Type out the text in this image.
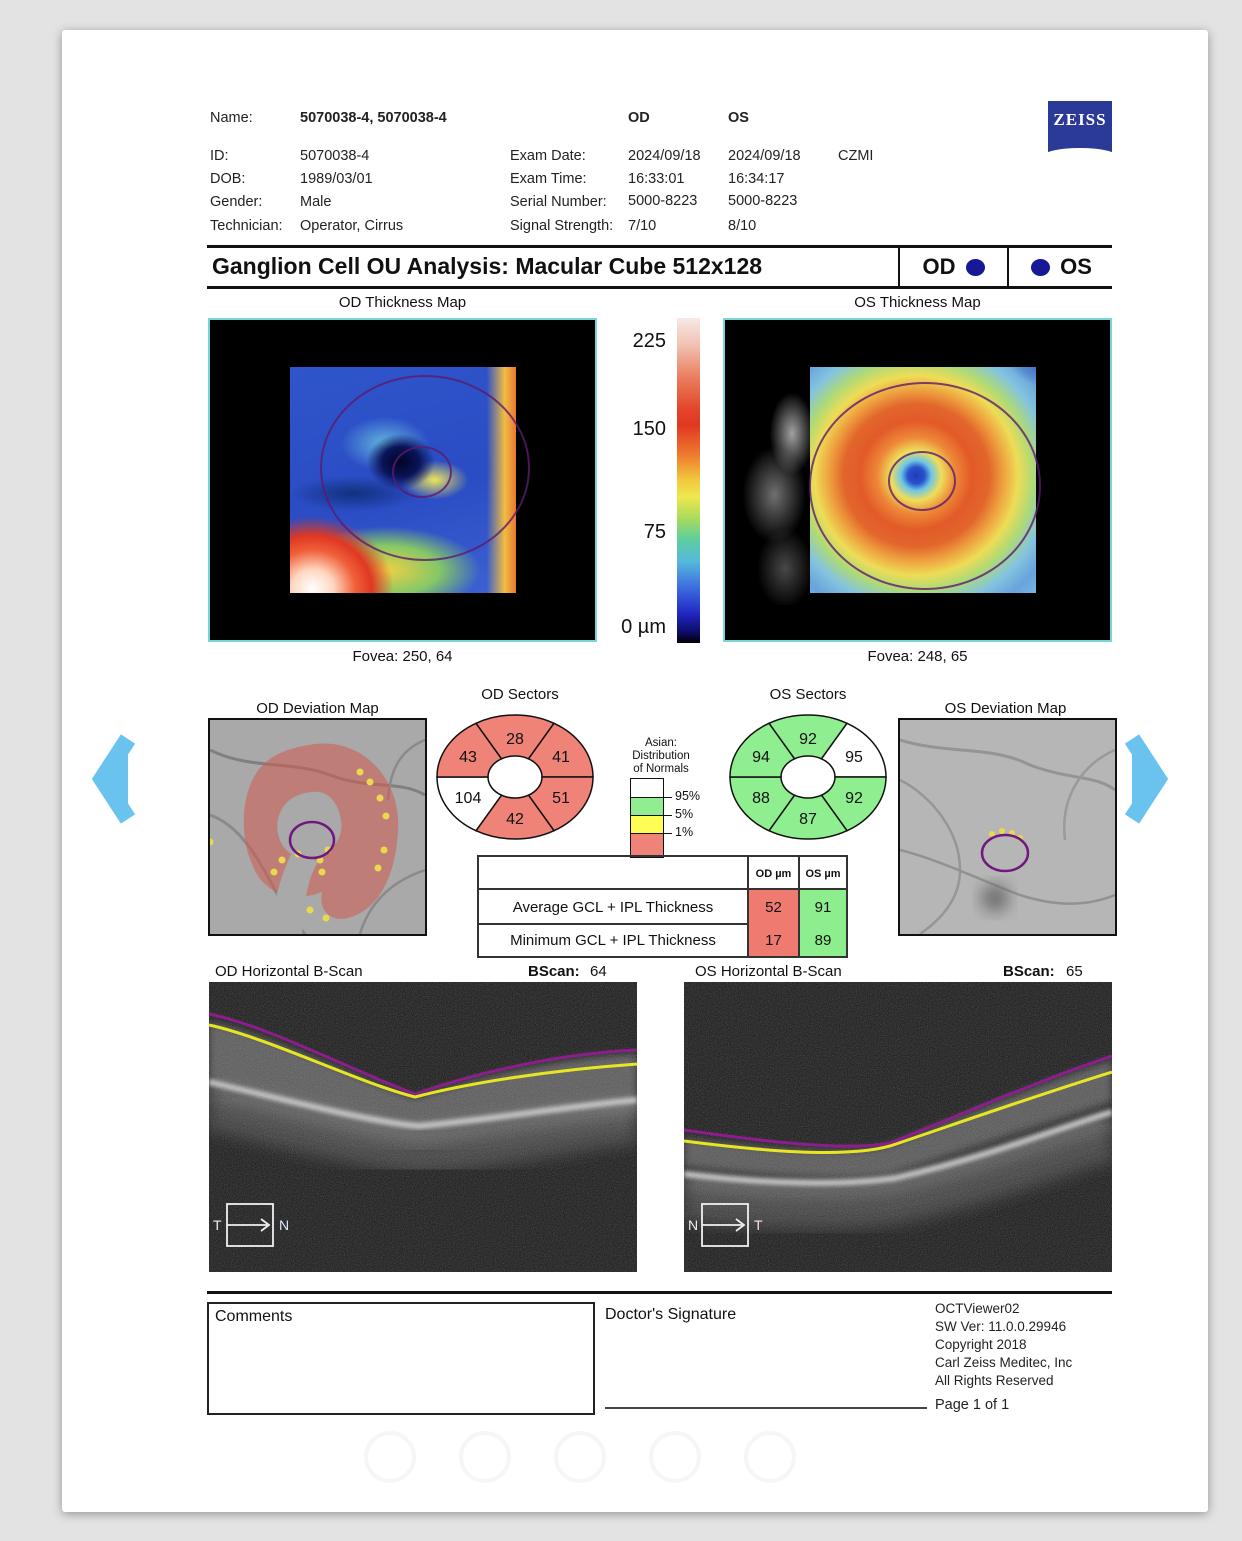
Name:	5070038-4, 5070038-4	OD	OS
ID:	5070038-4	Exam Date:	2024/09/18 2024/09/18	CZMI
DOB:	1989/03/01	Exam Time:	16:33:01	16:34:17
Gender:	Male	Serial Number: 5000-8223 5000-8223
Technician: Operator, Cirrus	Signal Strength: 7/10	8/10
ZEISS
Ganglion Cell OU Analysis: Macular Cube 512x128	OD	OS
OD Thickness Map	OS Thickness Map
225
150
75
0 µm
Fovea: 250, 64	Fovea: 248, 65
OD Deviation Map	OS Deviation Map
OD Sectors
28
41
51
42
104
43
OS Sectors
92
95
92
87
88
94
Asian:
Distribution
of Normals
95%
5%
1%
OD µm	OS µm
Average GCL + IPL Thickness	52	91
Minimum GCL + IPL Thickness	17	89
OD Horizontal B-Scan	BScan: 64	OS Horizontal B-Scan	BScan: 65
T	N	N	T
Comments	Doctor's Signature	OCTViewer02
SW Ver: 11.0.0.29946
Copyright 2018
Carl Zeiss Meditec, Inc
All Rights Reserved
Page 1 of 1
